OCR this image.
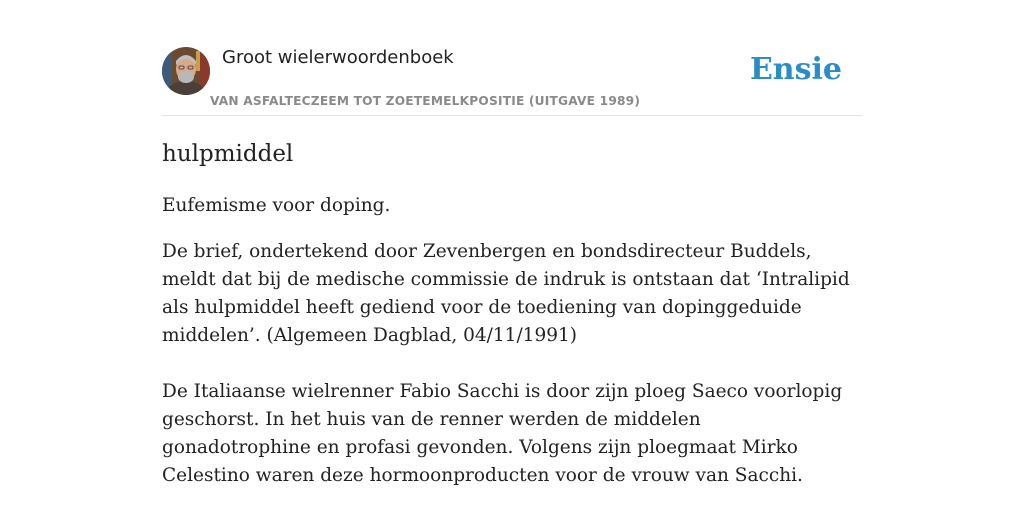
Groot wielerwoordenboek
VAN ASFALTECZEEM TOT ZOETEMELKPOSITIE (UITGAVE 1989)
Ensie
hulpmiddel

Eufemisme voor doping.

De brief, ondertekend door Zevenbergen en bondsdirecteur Buddels, meldt dat bij de medische commissie de indruk is ontstaan dat ‘Intralipid als hulpmiddel heeft gediend voor de toediening van dopinggeduide middelen’. (Algemeen Dagblad, 04/11/1991)

De Italiaanse wielrenner Fabio Sacchi is door zijn ploeg Saeco voorlopig geschorst. In het huis van de renner werden de middelen gonadotrophine en profasi gevonden. Volgens zijn ploegmaat Mirko Celestino waren deze hormoonproducten voor de vrouw van Sacchi.
